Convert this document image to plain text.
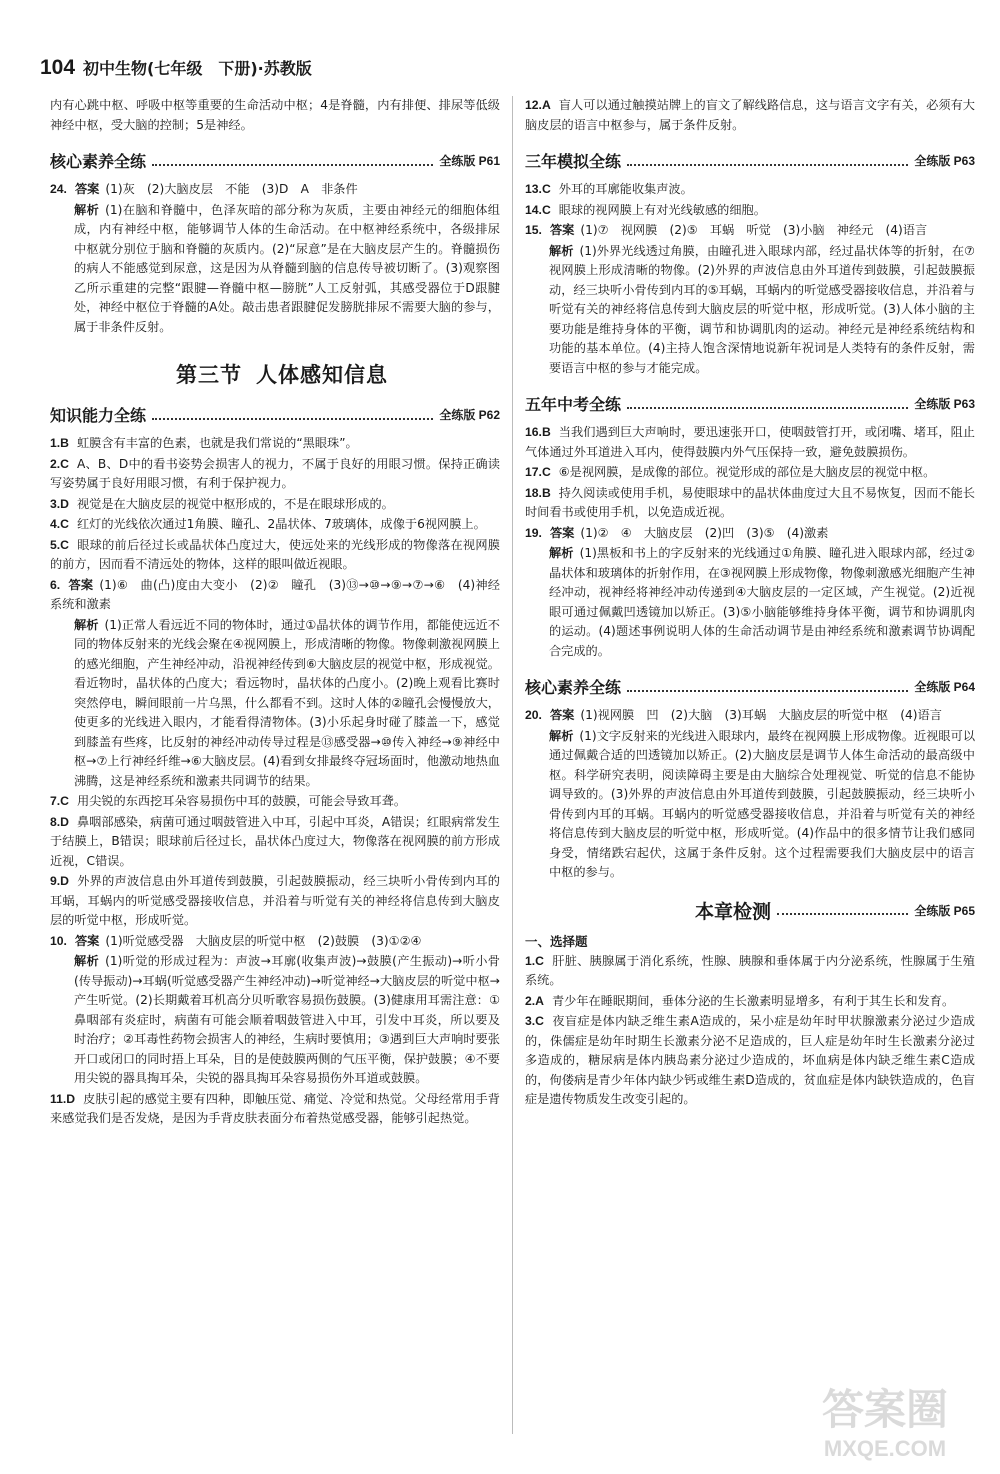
104 初中生物(七年级　下册)·苏教版

内有心跳中枢、呼吸中枢等重要的生命活动中枢；4是脊髓，内有排便、排尿等低级神经中枢，受大脑的控制；5是神经。

核心素养全练	全练版 P61
24. 答案 (1)灰　(2)大脑皮层　不能　(3)D　A　非条件
解析 (1)在脑和脊髓中，色泽灰暗的部分称为灰质，主要由神经元的细胞体组成，内有神经中枢，能够调节人体的生命活动。在中枢神经系统中，各级排尿中枢就分别位于脑和脊髓的灰质内。(2)“尿意”是在大脑皮层产生的。脊髓损伤的病人不能感觉到尿意，这是因为从脊髓到脑的信息传导被切断了。(3)观察图乙所示重建的完整“跟腱—脊髓中枢—膀胱”人工反射弧，其感受器位于D跟腱处，神经中枢位于脊髓的A处。敲击患者跟腱促发膀胱排尿不需要大脑的参与，属于非条件反射。
第三节 人体感知信息
知识能力全练	全练版 P62
1.B 虹膜含有丰富的色素，也就是我们常说的“黑眼珠”。
2.C A、B、D中的看书姿势会损害人的视力，不属于良好的用眼习惯。保持正确读写姿势属于良好用眼习惯，有利于保护视力。
3.D 视觉是在大脑皮层的视觉中枢形成的，不是在眼球形成的。
4.C 红灯的光线依次通过1角膜、瞳孔、2晶状体、7玻璃体，成像于6视网膜上。
5.C 眼球的前后径过长或晶状体凸度过大，使远处来的光线形成的物像落在视网膜的前方，因而看不清远处的物体，这样的眼叫做近视眼。
6. 答案 (1)⑥　曲(凸)度由大变小　(2)②　瞳孔　(3)⑬→⑩→⑨→⑦→⑥　(4)神经系统和激素
解析 (1)正常人看远近不同的物体时，通过①晶状体的调节作用，都能使远近不同的物体反射来的光线会聚在④视网膜上，形成清晰的物像。物像刺激视网膜上的感光细胞，产生神经冲动，沿视神经传到⑥大脑皮层的视觉中枢，形成视觉。看近物时，晶状体的凸度大；看远物时，晶状体的凸度小。(2)晚上观看比赛时突然停电，瞬间眼前一片乌黑，什么都看不到。这时人体的②瞳孔会慢慢放大，使更多的光线进入眼内，才能看得清物体。(3)小乐起身时碰了膝盖一下，感觉到膝盖有些疼，比反射的神经冲动传导过程是⑬感受器→⑩传入神经→⑨神经中枢→⑦上行神经纤维→⑥大脑皮层。(4)看到女排最终夺冠场面时，他激动地热血沸腾，这是神经系统和激素共同调节的结果。
7.C 用尖锐的东西挖耳朵容易损伤中耳的鼓膜，可能会导致耳聋。
8.D 鼻咽部感染，病菌可通过咽鼓管进入中耳，引起中耳炎，A错误；红眼病常发生于结膜上，B错误；眼球前后径过长，晶状体凸度过大，物像落在视网膜的前方形成近视，C错误。
9.D 外界的声波信息由外耳道传到鼓膜，引起鼓膜振动，经三块听小骨传到内耳的耳蜗，耳蜗内的听觉感受器接收信息，并沿着与听觉有关的神经将信息传到大脑皮层的听觉中枢，形成听觉。
10. 答案 (1)听觉感受器　大脑皮层的听觉中枢　(2)鼓膜　(3)①②④
解析 (1)听觉的形成过程为：声波→耳廓(收集声波)→鼓膜(产生振动)→听小骨(传导振动)→耳蜗(听觉感受器产生神经冲动)→听觉神经→大脑皮层的听觉中枢→产生听觉。(2)长期戴着耳机高分贝听歌容易损伤鼓膜。(3)健康用耳需注意：①鼻咽部有炎症时，病菌有可能会顺着咽鼓管进入中耳，引发中耳炎，所以要及时治疗；②耳毒性药物会损害人的神经，生病时要慎用；③遇到巨大声响时要张开口或闭口的同时捂上耳朵，目的是使鼓膜两侧的气压平衡，保护鼓膜；④不要用尖锐的器具掏耳朵，尖锐的器具掏耳朵容易损伤外耳道或鼓膜。
11.D 皮肤引起的感觉主要有四种，即触压觉、痛觉、冷觉和热觉。父母经常用手背来感觉我们是否发烧，是因为手背皮肤表面分布着热觉感受器，能够引起热觉。
12.A 盲人可以通过触摸站牌上的盲文了解线路信息，这与语言文字有关，必须有大脑皮层的语言中枢参与，属于条件反射。
三年模拟全练	全练版 P63
13.C 外耳的耳廓能收集声波。
14.C 眼球的视网膜上有对光线敏感的细胞。
15. 答案 (1)⑦　视网膜　(2)⑤　耳蜗　听觉　(3)小脑　神经元　(4)语言
解析 (1)外界光线透过角膜，由瞳孔进入眼球内部，经过晶状体等的折射，在⑦视网膜上形成清晰的物像。(2)外界的声波信息由外耳道传到鼓膜，引起鼓膜振动，经三块听小骨传到内耳的⑤耳蜗，耳蜗内的听觉感受器接收信息，并沿着与听觉有关的神经将信息传到大脑皮层的听觉中枢，形成听觉。(3)人体小脑的主要功能是维持身体的平衡，调节和协调肌肉的运动。神经元是神经系统结构和功能的基本单位。(4)主持人饱含深情地说新年祝词是人类特有的条件反射，需要语言中枢的参与才能完成。
五年中考全练	全练版 P63
16.B 当我们遇到巨大声响时，要迅速张开口，使咽鼓管打开，或闭嘴、堵耳，阻止气体通过外耳道进入耳内，使得鼓膜内外气压保持一致，避免鼓膜损伤。
17.C ⑥是视网膜，是成像的部位。视觉形成的部位是大脑皮层的视觉中枢。
18.B 持久阅读或使用手机，易使眼球中的晶状体曲度过大且不易恢复，因而不能长时间看书或使用手机，以免造成近视。
19. 答案 (1)②　④　大脑皮层　(2)凹　(3)⑤　(4)激素
解析 (1)黑板和书上的字反射来的光线通过①角膜、瞳孔进入眼球内部，经过②晶状体和玻璃体的折射作用，在③视网膜上形成物像，物像刺激感光细胞产生神经冲动，视神经将神经冲动传递到④大脑皮层的一定区域，产生视觉。(2)近视眼可通过佩戴凹透镜加以矫正。(3)⑤小脑能够维持身体平衡，调节和协调肌肉的运动。(4)题述事例说明人体的生命活动调节是由神经系统和激素调节协调配合完成的。
核心素养全练	全练版 P64
20. 答案 (1)视网膜　凹　(2)大脑　(3)耳蜗　大脑皮层的听觉中枢　(4)语言
解析 (1)文字反射来的光线进入眼球内，最终在视网膜上形成物像。近视眼可以通过佩戴合适的凹透镜加以矫正。(2)大脑皮层是调节人体生命活动的最高级中枢。科学研究表明，阅读障碍主要是由大脑综合处理视觉、听觉的信息不能协调导致的。(3)外界的声波信息由外耳道传到鼓膜，引起鼓膜振动，经三块听小骨传到内耳的耳蜗。耳蜗内的听觉感受器接收信息，并沿着与听觉有关的神经将信息传到大脑皮层的听觉中枢，形成听觉。(4)作品中的很多情节让我们感同身受，情绪跌宕起伏，这属于条件反射。这个过程需要我们大脑皮层中的语言中枢的参与。
本章检测	全练版 P65
一、选择题
1.C 肝脏、胰腺属于消化系统，性腺、胰腺和垂体属于内分泌系统，性腺属于生殖系统。
2.A 青少年在睡眠期间，垂体分泌的生长激素明显增多，有利于其生长和发育。
3.C 夜盲症是体内缺乏维生素A造成的，呆小症是幼年时甲状腺激素分泌过少造成的，侏儒症是幼年时期生长激素分泌不足造成的，巨人症是幼年时生长激素分泌过多造成的，糖尿病是体内胰岛素分泌过少造成的，坏血病是体内缺乏维生素C造成的，佝偻病是青少年体内缺少钙或维生素D造成的，贫血症是体内缺铁造成的，色盲症是遗传物质发生改变引起的。
答案圈
MXQE.COM
